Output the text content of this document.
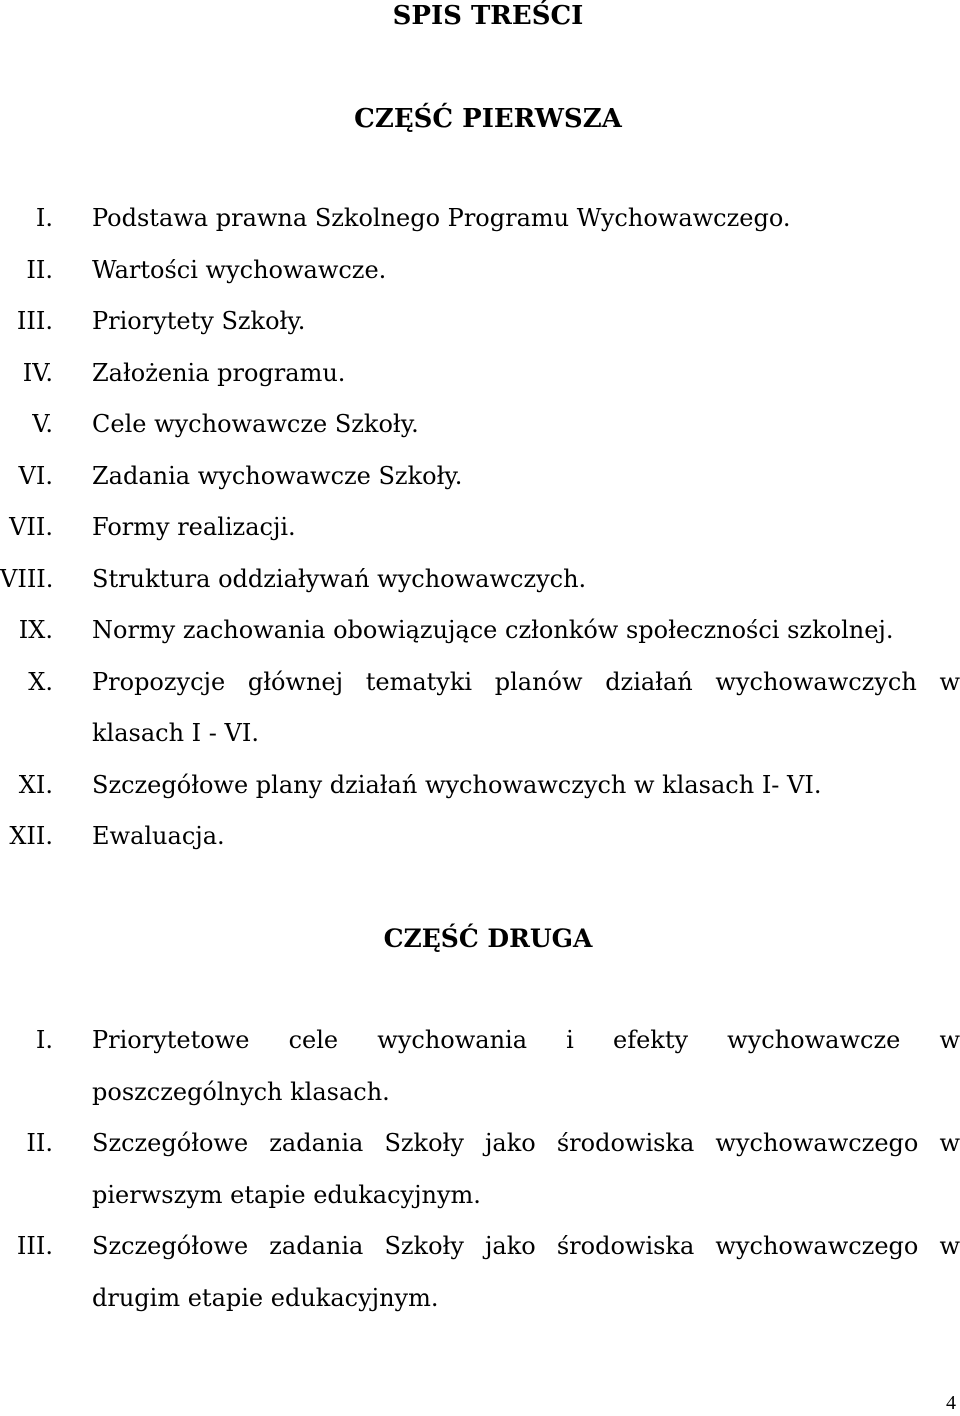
SPIS TREŚCI
CZĘŚĆ PIERWSZA
I. Podstawa prawna Szkolnego Programu Wychowawczego.
II. Wartości wychowawcze.
III. Priorytety Szkoły.
IV. Założenia programu.
V. Cele wychowawcze Szkoły.
VI. Zadania wychowawcze Szkoły.
VII. Formy realizacji.
VIII. Struktura oddziaływań wychowawczych.
IX. Normy zachowania obowiązujące członków społeczności szkolnej.
X. Propozycje głównej tematyki planów działań wychowawczych w klasach I - VI.
XI. Szczegółowe plany działań wychowawczych w klasach I- VI.
XII. Ewaluacja.
CZĘŚĆ DRUGA
I. Priorytetowe cele wychowania i efekty wychowawcze w poszczególnych klasach.
II. Szczegółowe zadania Szkoły jako środowiska wychowawczego w pierwszym etapie edukacyjnym.
III. Szczegółowe zadania Szkoły jako środowiska wychowawczego w drugim etapie edukacyjnym.
4
